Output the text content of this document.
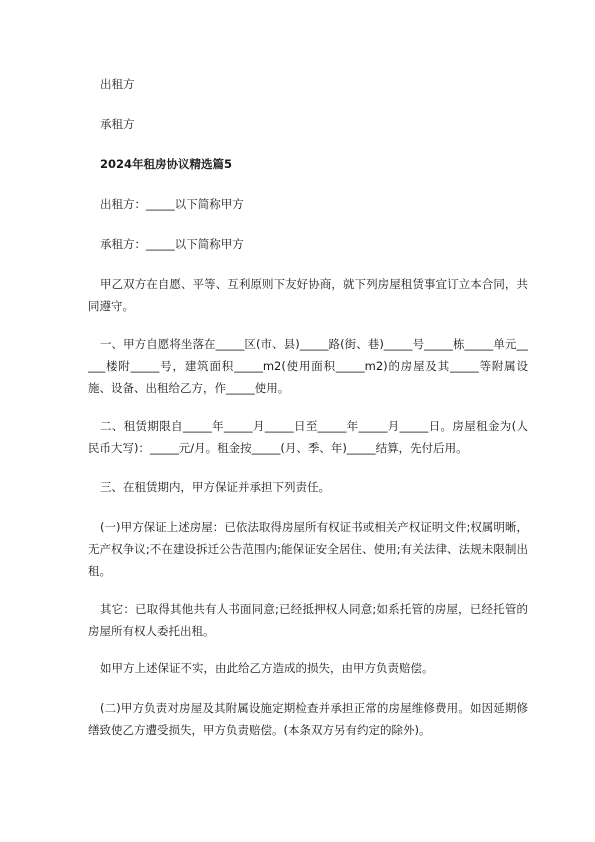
出租方

承租方

2024年租房协议精选篇5

出租方：_____以下简称甲方

承租方：_____以下简称甲方

甲乙双方在自愿、平等、互利原则下友好协商，就下列房屋租赁事宜订立本合同，共同遵守。

一、甲方自愿将坐落在_____区(市、县)_____路(街、巷)_____号_____栋_____单元_____楼附_____号，建筑面积_____m2(使用面积_____m2)的房屋及其_____等附属设施、设备、出租给乙方，作_____使用。

二、租赁期限自_____年_____月_____日至_____年_____月_____日。房屋租金为(人民币大写)：_____元/月。租金按_____(月、季、年)_____结算，先付后用。

三、在租赁期内，甲方保证并承担下列责任。

(一)甲方保证上述房屋：已依法取得房屋所有权证书或相关产权证明文件;权属明晰，无产权争议;不在建设拆迁公告范围内;能保证安全居住、使用;有关法律、法规未限制出租。

其它：已取得其他共有人书面同意;已经抵押权人同意;如系托管的房屋，已经托管的房屋所有权人委托出租。

如甲方上述保证不实，由此给乙方造成的损失，由甲方负责赔偿。

(二)甲方负责对房屋及其附属设施定期检查并承担正常的房屋维修费用。如因延期修缮致使乙方遭受损失，甲方负责赔偿。(本条双方另有约定的除外)。
